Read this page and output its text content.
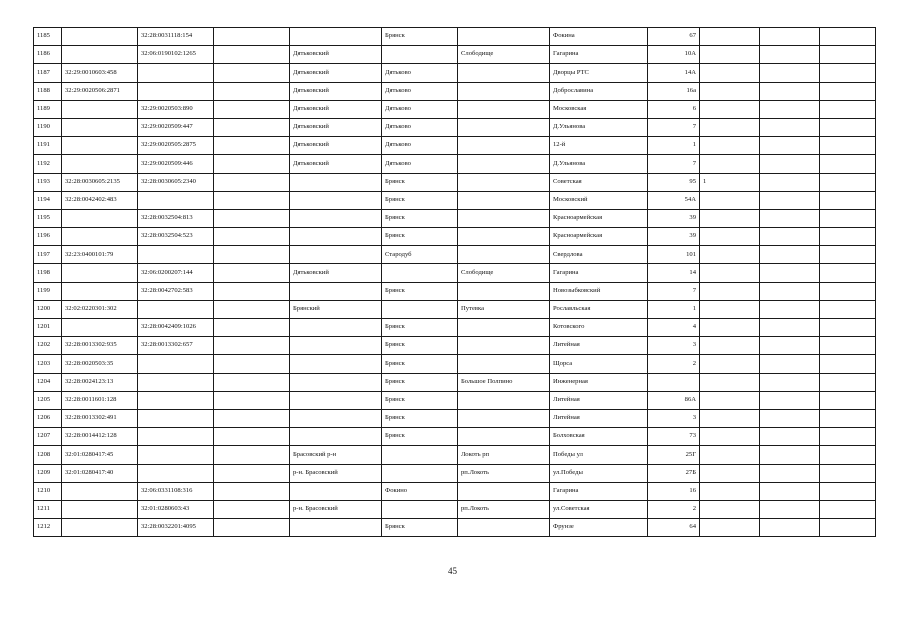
1185		32:28:0031118:154			Брянск		Фокина	67			
1186		32:06:0190102:1265		Дятьковский		Слободище	Гагарина	10А			
1187	32:29:0010603:458			Дятьковский	Дятьково		Дворцы РТС	14А			
1188	32:29:0020506:2871			Дятьковский	Дятьково		Доброславина	16а			
1189		32:29:0020503:890		Дятьковский	Дятьково		Московская	6			
1190		32:29:0020509:447		Дятьковский	Дятьково		Д.Ульянова	7			
1191		32:29:0020505:2875		Дятьковский	Дятьково		12-й	1			
1192		32:29:0020509:446		Дятьковский	Дятьково		Д.Ульянова	7			
1193	32:28:0030605:2135	32:28:0030605:2340			Брянск		Советская	95	1		
1194	32:28:0042402:483				Брянск		Московский	54А			
1195		32:28:0032504:813			Брянск		Красноармейская	39			
1196		32:28:0032504:523			Брянск		Красноармейская	39			
1197	32:23:0400101:79				Стародуб		Свердлова	101			
1198		32:06:0200207:144		Дятьковский		Слободище	Гагарина	14			
1199		32:28:0042702:583			Брянск		Новозыбковский	7			
1200	32:02:0220301:302			Брянский		Путевка	Рославльская	1			
1201		32:28:0042409:1026			Брянск		Котовского	4			
1202	32:28:0013302:935	32:28:0013302:657			Брянск		Литейная	3			
1203	32:28:0020503:35				Брянск		Щорса	2			
1204	32:28:0024123:13				Брянск	Большое Полпино	Инженерная				
1205	32:28:0011601:128				Брянск		Литейная	86А			
1206	32:28:0013302:491				Брянск		Литейная	3			
1207	32:28:0014412:128				Брянск		Болховская	73			
1208	32:01:0280417:45			Брасовский р-н		Локоть рп	Победы ул	25Г			
1209	32:01:0280417:40			р-н. Брасовский		рп.Локоть	ул.Победы	27Б			
1210		32:06:0331108:316			Фокино		Гагарина	16			
1211		32:01:0280603:43		р-н. Брасовский		рп.Локоть	ул.Советская	2			
1212		32:28:0032201:4095			Брянск		Фрунзе	64			
45
